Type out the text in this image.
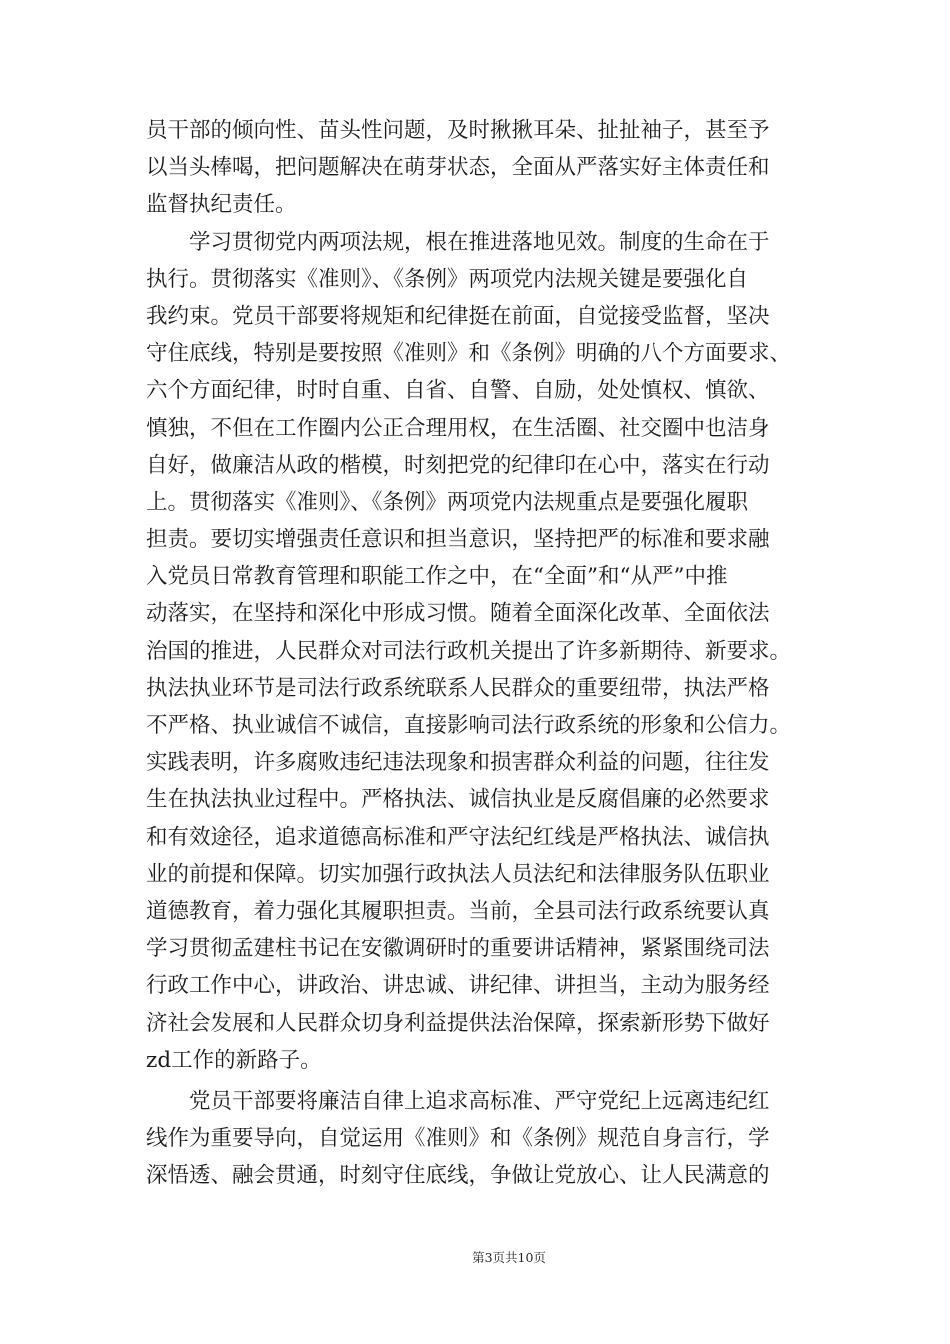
员干部的倾向性、苗头性问题，及时揪揪耳朵、扯扯袖子，甚至予
以当头棒喝，把问题解决在萌芽状态，全面从严落实好主体责任和
监督执纪责任。
学习贯彻党内两项法规，根在推进落地见效。制度的生命在于
执行。贯彻落实《准则》、《条例》两项党内法规关键是要强化自
我约束。党员干部要将规矩和纪律挺在前面，自觉接受监督，坚决
守住底线，特别是要按照《准则》和《条例》明确的八个方面要求、
六个方面纪律，时时自重、自省、自警、自励，处处慎权、慎欲、
慎独，不但在工作圈内公正合理用权，在生活圈、社交圈中也洁身
自好，做廉洁从政的楷模，时刻把党的纪律印在心中，落实在行动
上。贯彻落实《准则》、《条例》两项党内法规重点是要强化履职
担责。要切实增强责任意识和担当意识，坚持把严的标准和要求融
入党员日常教育管理和职能工作之中，在“全面”和“从严”中推
动落实，在坚持和深化中形成习惯。随着全面深化改革、全面依法
治国的推进，人民群众对司法行政机关提出了许多新期待、新要求。
执法执业环节是司法行政系统联系人民群众的重要纽带，执法严格
不严格、执业诚信不诚信，直接影响司法行政系统的形象和公信力。
实践表明，许多腐败违纪违法现象和损害群众利益的问题，往往发
生在执法执业过程中。严格执法、诚信执业是反腐倡廉的必然要求
和有效途径，追求道德高标准和严守法纪红线是严格执法、诚信执
业的前提和保障。切实加强行政执法人员法纪和法律服务队伍职业
道德教育，着力强化其履职担责。当前，全县司法行政系统要认真
学习贯彻孟建柱书记在安徽调研时的重要讲话精神，紧紧围绕司法
行政工作中心，讲政治、讲忠诚、讲纪律、讲担当，主动为服务经
济社会发展和人民群众切身利益提供法治保障，探索新形势下做好
zd工作的新路子。
党员干部要将廉洁自律上追求高标准、严守党纪上远离违纪红
线作为重要导向，自觉运用《准则》和《条例》规范自身言行，学
深悟透、融会贯通，时刻守住底线，争做让党放心、让人民满意的
第3页共10页
